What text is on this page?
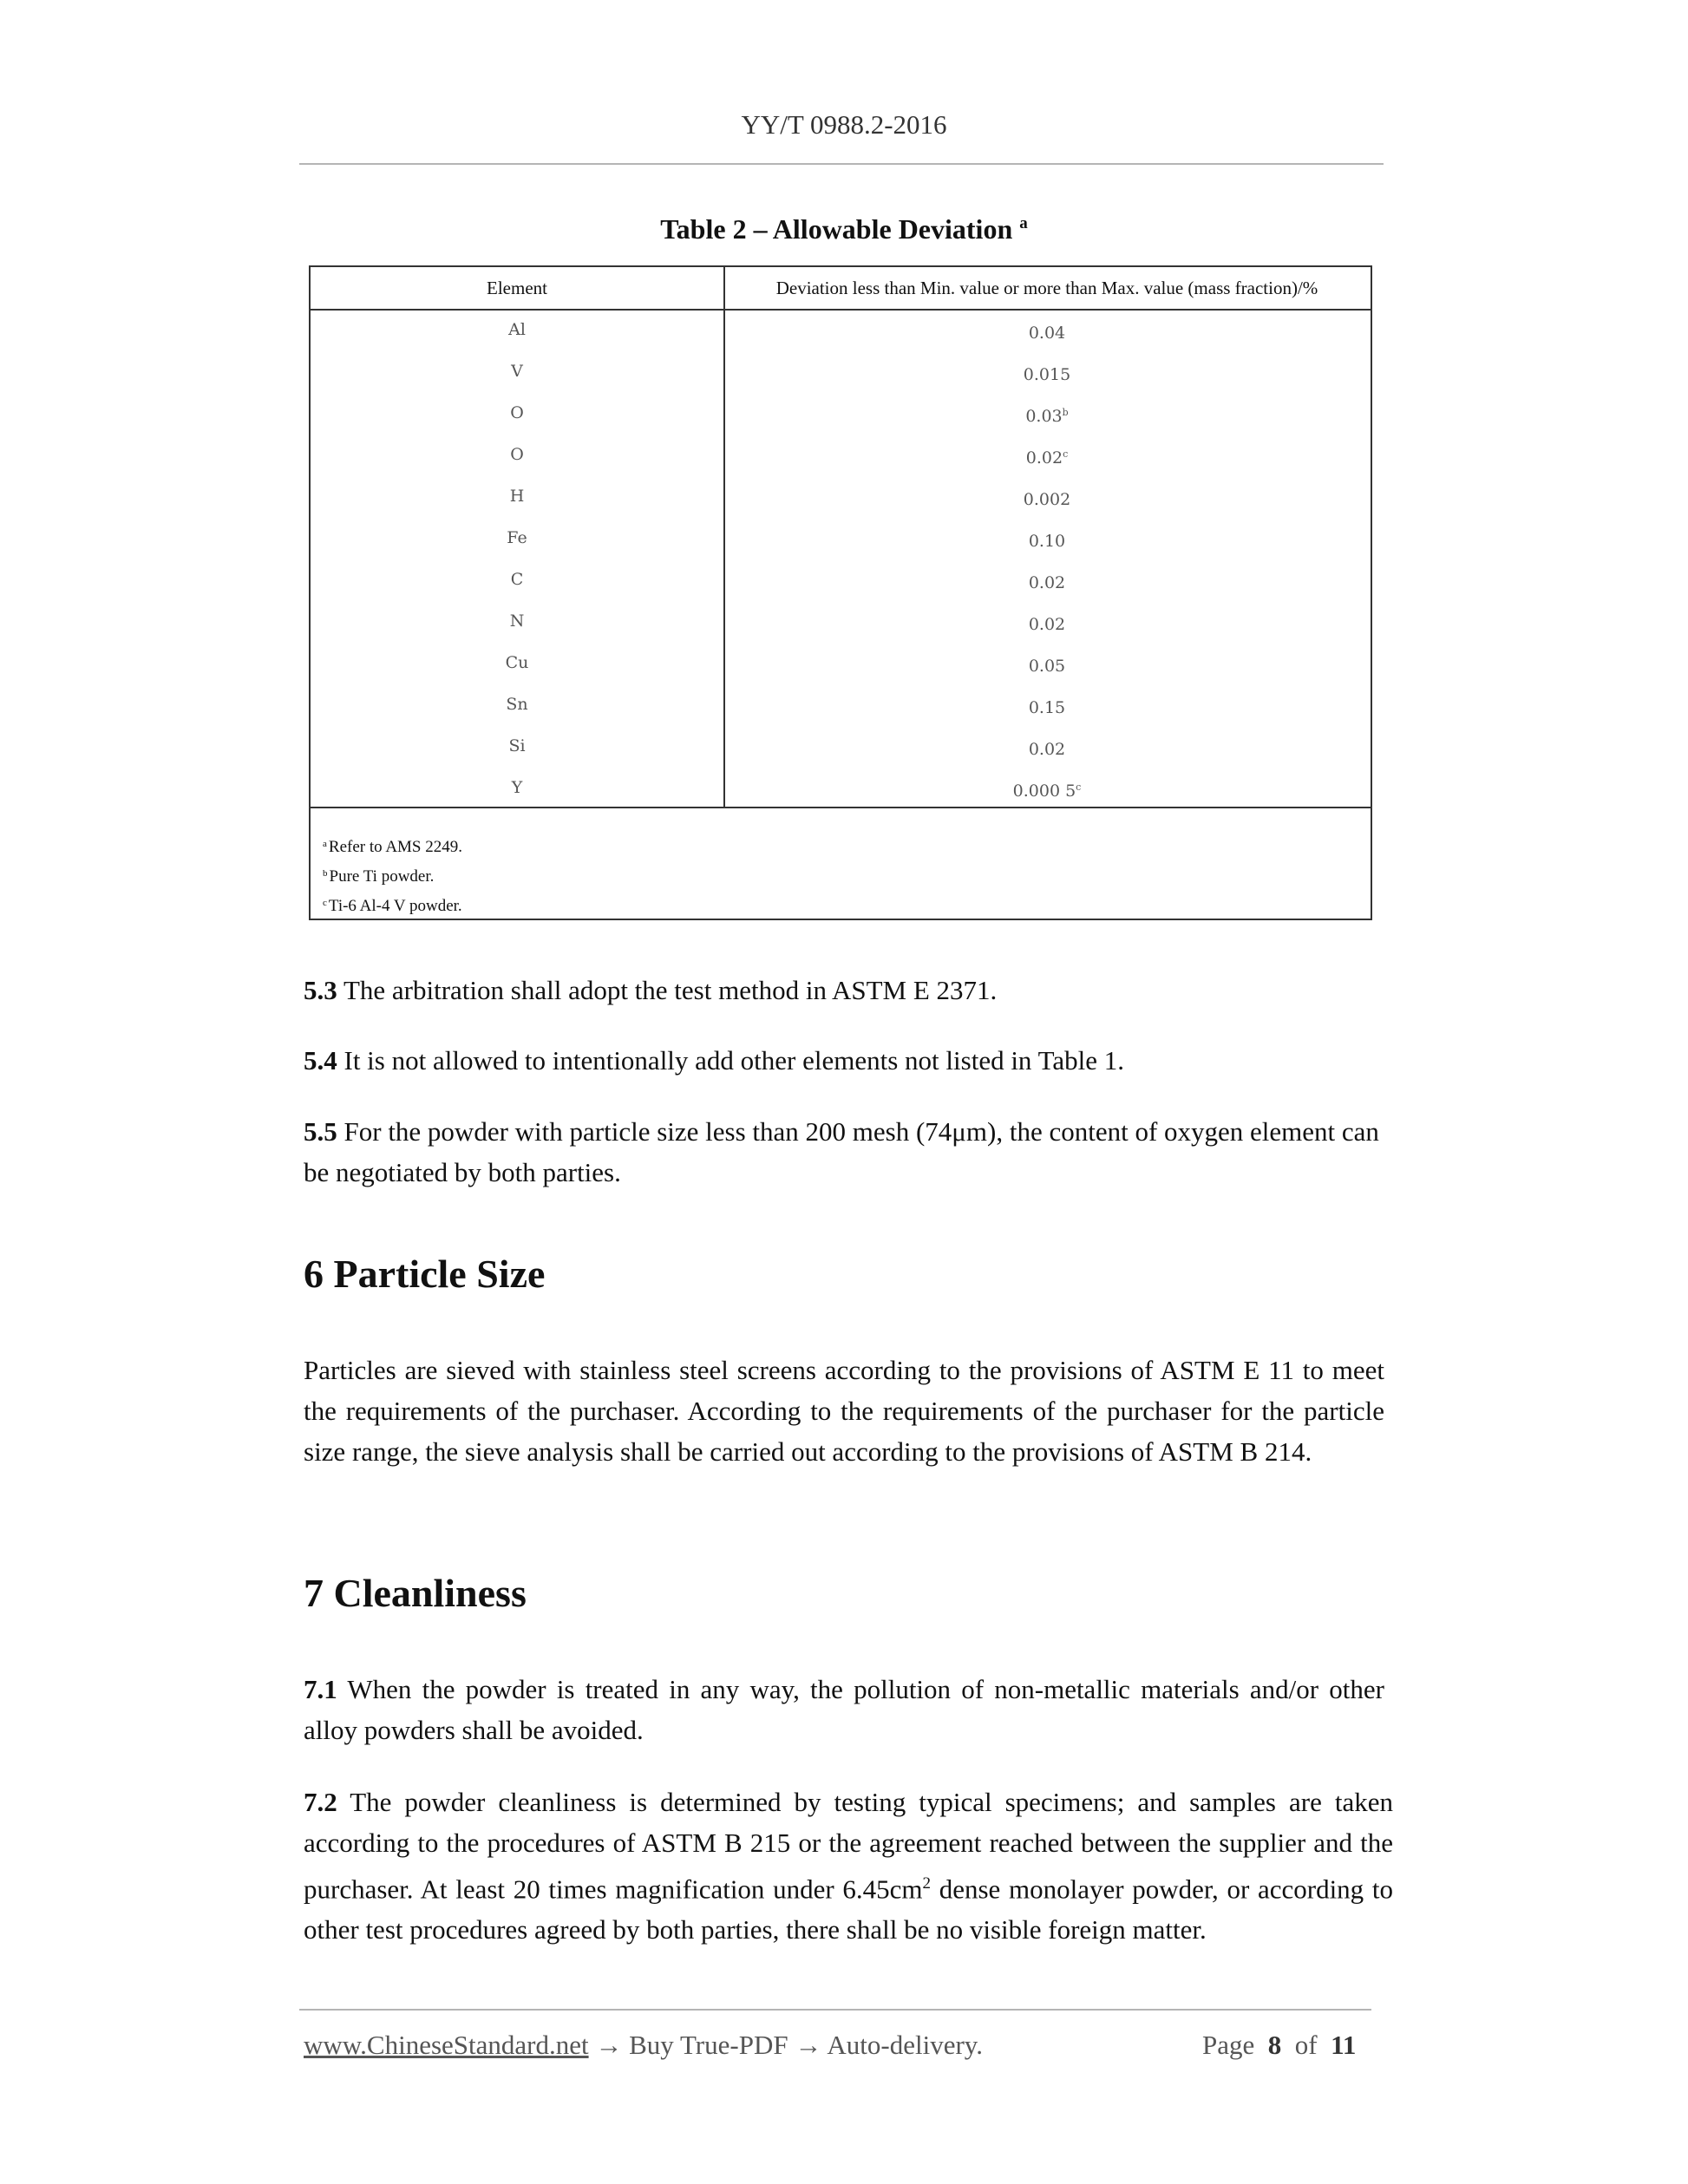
YY/T 0988.2-2016
Table 2 – Allowable Deviation $^a$
Element	Deviation less than Min. value or more than Max. value (mass fraction)/%
Al	0.04
V	0.015
O	0.03$^b$
O	0.02$^c$
H	0.002
Fe	0.10
C	0.02
N	0.02
Cu	0.05
Sn	0.15
Si	0.02
Y	0.000 5$^c$
$^a$ Refer to AMS 2249.
$^b$ Pure Ti powder.
$^c$ Ti-6 Al-4 V powder.
5.3 The arbitration shall adopt the test method in ASTM E 2371.
5.4 It is not allowed to intentionally add other elements not listed in Table 1.
5.5 For the powder with particle size less than 200 mesh (74μm), the content of oxygen element can be negotiated by both parties.
6 Particle Size
Particles are sieved with stainless steel screens according to the provisions of ASTM E 11 to meet the requirements of the purchaser. According to the requirements of the purchaser for the particle size range, the sieve analysis shall be carried out according to the provisions of ASTM B 214.
7 Cleanliness
7.1 When the powder is treated in any way, the pollution of non-metallic materials and/or other alloy powders shall be avoided.
7.2 The powder cleanliness is determined by testing typical specimens; and samples are taken according to the procedures of ASTM B 215 or the agreement reached between the supplier and the purchaser. At least 20 times magnification under $6.45cm^2$ dense monolayer powder, or according to other test procedures agreed by both parties, there shall be no visible foreign matter.
www.ChineseStandard.net → Buy True-PDF → Auto-delivery.	Page 8 of 11
